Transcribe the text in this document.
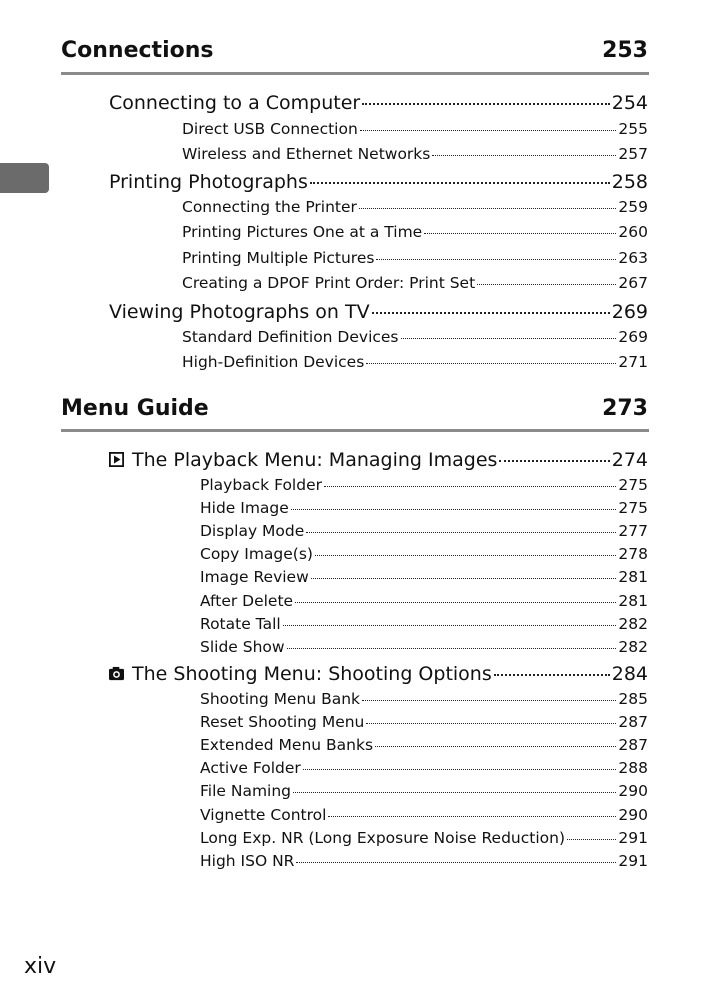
Connections	253
Connecting to a Computer	254
Direct USB Connection	255
Wireless and Ethernet Networks	257
Printing Photographs	258
Connecting the Printer	259
Printing Pictures One at a Time	260
Printing Multiple Pictures	263
Creating a DPOF Print Order: Print Set	267
Viewing Photographs on TV	269
Standard Definition Devices	269
High-Definition Devices	271
Menu Guide	273
The Playback Menu: Managing Images	274
Playback Folder	275
Hide Image	275
Display Mode	277
Copy Image(s)	278
Image Review	281
After Delete	281
Rotate Tall	282
Slide Show	282
The Shooting Menu: Shooting Options	284
Shooting Menu Bank	285
Reset Shooting Menu	287
Extended Menu Banks	287
Active Folder	288
File Naming	290
Vignette Control	290
Long Exp. NR (Long Exposure Noise Reduction)	291
High ISO NR	291
xiv
